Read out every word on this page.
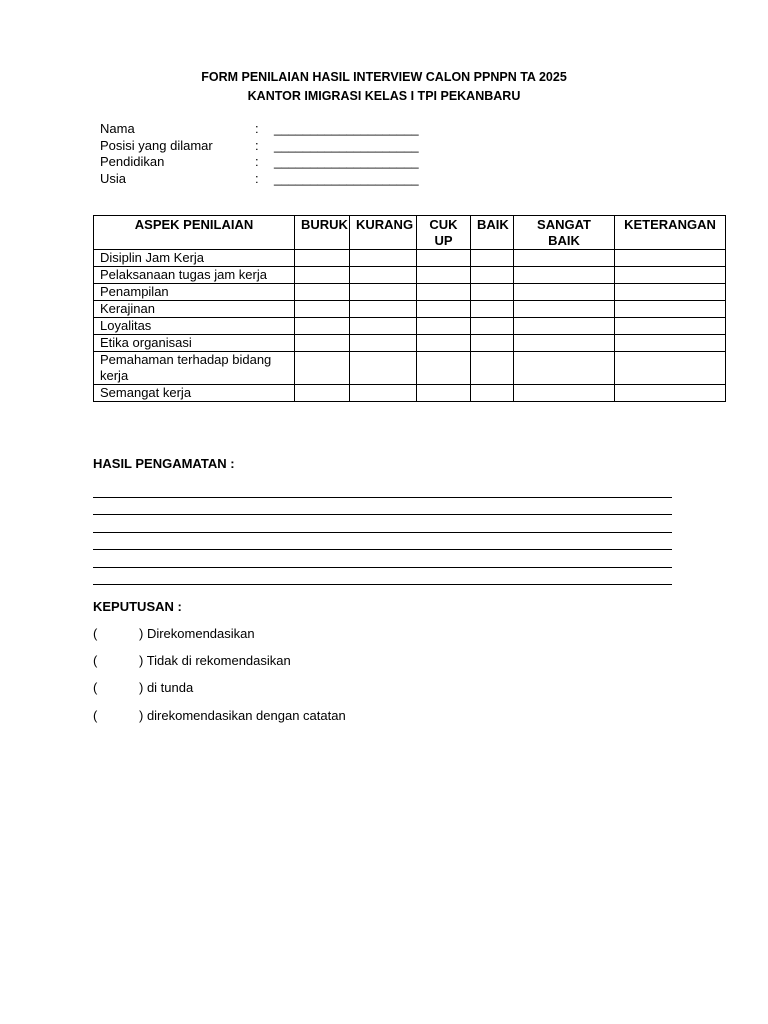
FORM PENILAIAN HASIL INTERVIEW CALON PPNPN TA 2025
KANTOR IMIGRASI KELAS I TPI PEKANBARU
Nama	: ____________________
Posisi yang dilamar	: ____________________
Pendidikan	: ____________________
Usia	: ____________________
ASPEK PENILAIAN	BURUK	KURANG	CUKUP	BAIK	SANGAT BAIK	KETERANGAN
Disiplin Jam Kerja						
Pelaksanaan tugas jam kerja						
Penampilan						
Kerajinan						
Loyalitas						
Etika organisasi						
Pemahaman terhadap bidang kerja						
Semangat kerja						
HASIL PENGAMATAN :
KEPUTUSAN :
(	) Direkomendasikan
(	) Tidak di rekomendasikan
(	) di tunda
(	) direkomendasikan dengan catatan
